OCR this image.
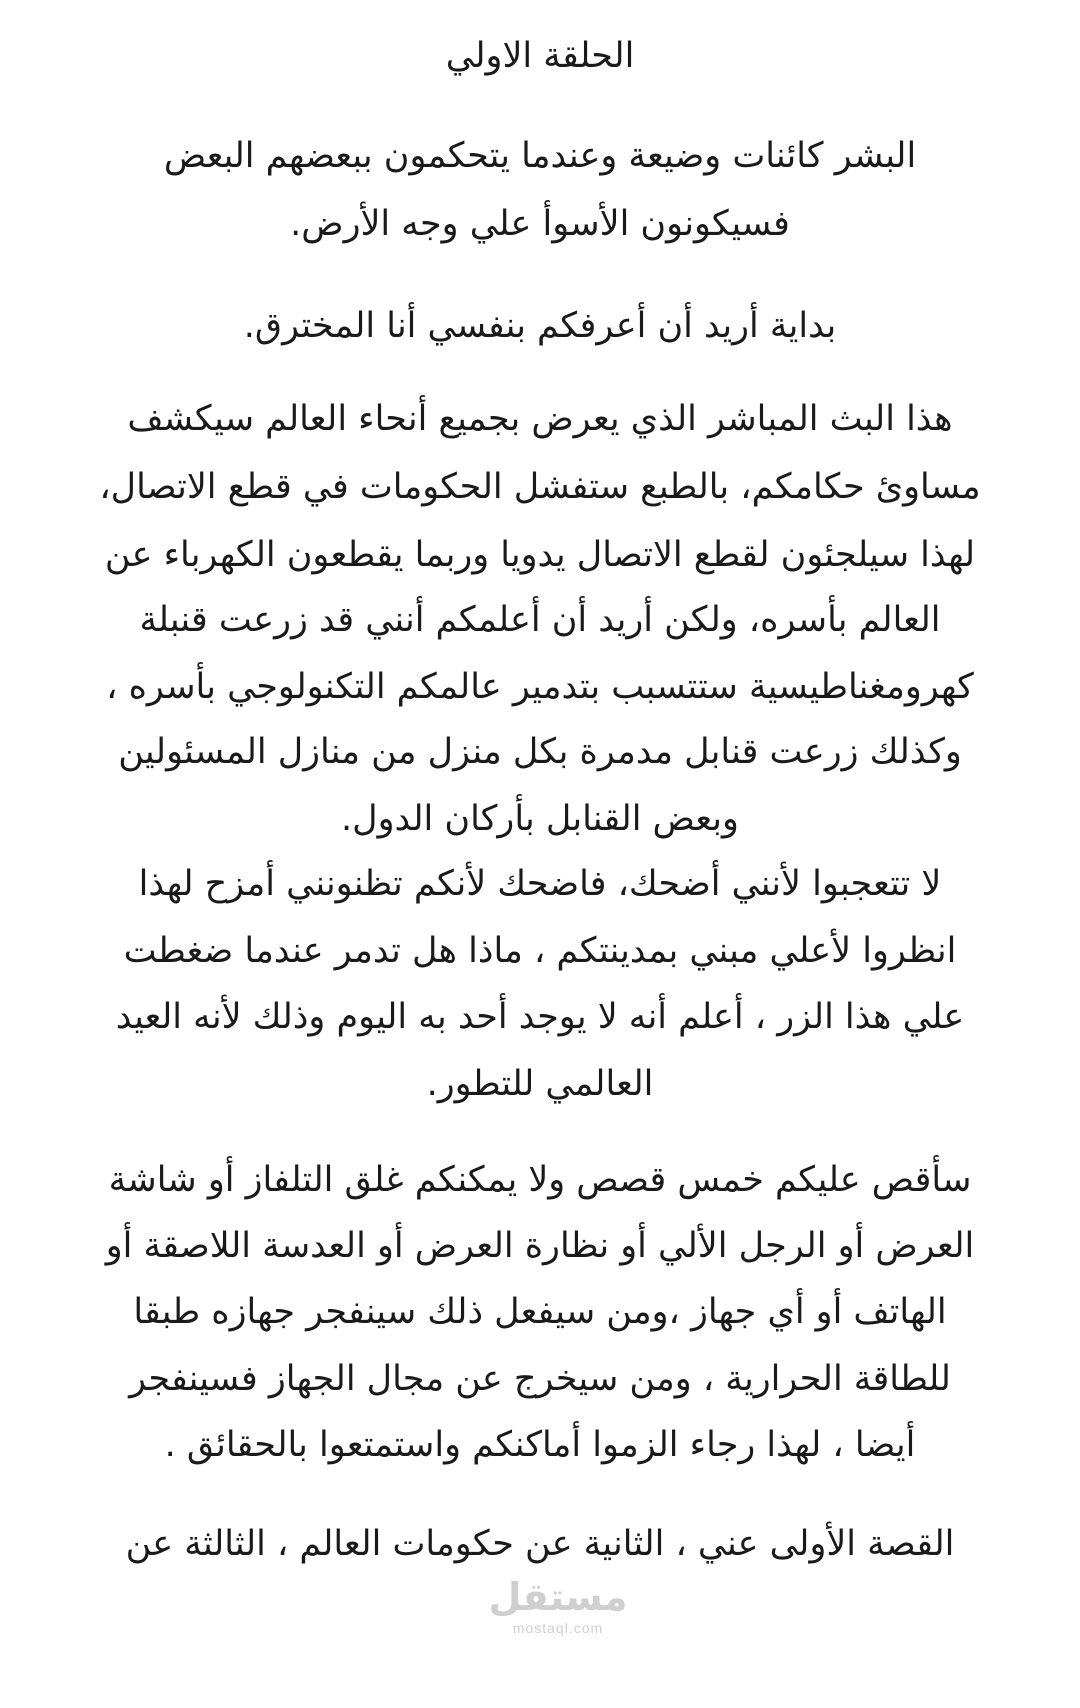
الحلقة الاولي
البشر كائنات وضيعة وعندما يتحكمون ببعضهم البعض
فسيكونون الأسوأ علي وجه الأرض.
بداية أريد أن أعرفكم بنفسي أنا المخترق.
هذا البث المباشر الذي يعرض بجميع أنحاء العالم سيكشف
مساوئ حكامكم، بالطبع ستفشل الحكومات في قطع الاتصال،
لهذا سيلجئون لقطع الاتصال يدويا وربما يقطعون الكهرباء عن
العالم بأسره، ولكن أريد أن أعلمكم أنني قد زرعت قنبلة
كهرومغناطيسية ستتسبب بتدمير عالمكم التكنولوجي بأسره ،
وكذلك زرعت قنابل مدمرة بكل منزل من منازل المسئولين
وبعض القنابل بأركان الدول.
لا تتعجبوا لأنني أضحك، فاضحك لأنكم تظنونني أمزح لهذا
انظروا لأعلي مبني بمدينتكم ، ماذا هل تدمر عندما ضغطت
علي هذا الزر ، أعلم أنه لا يوجد أحد به اليوم وذلك لأنه العيد
العالمي للتطور.
سأقص عليكم خمس قصص ولا يمكنكم غلق التلفاز أو شاشة
العرض أو الرجل الألي أو نظارة العرض أو العدسة اللاصقة أو
الهاتف أو أي جهاز ،ومن سيفعل ذلك سينفجر جهازه طبقا
للطاقة الحرارية ، ومن سيخرج عن مجال الجهاز فسينفجر
أيضا ، لهذا رجاء الزموا أماكنكم واستمتعوا بالحقائق .
القصة الأولى عني ، الثانية عن حكومات العالم ، الثالثة عن
مستقل
mostaql.com
